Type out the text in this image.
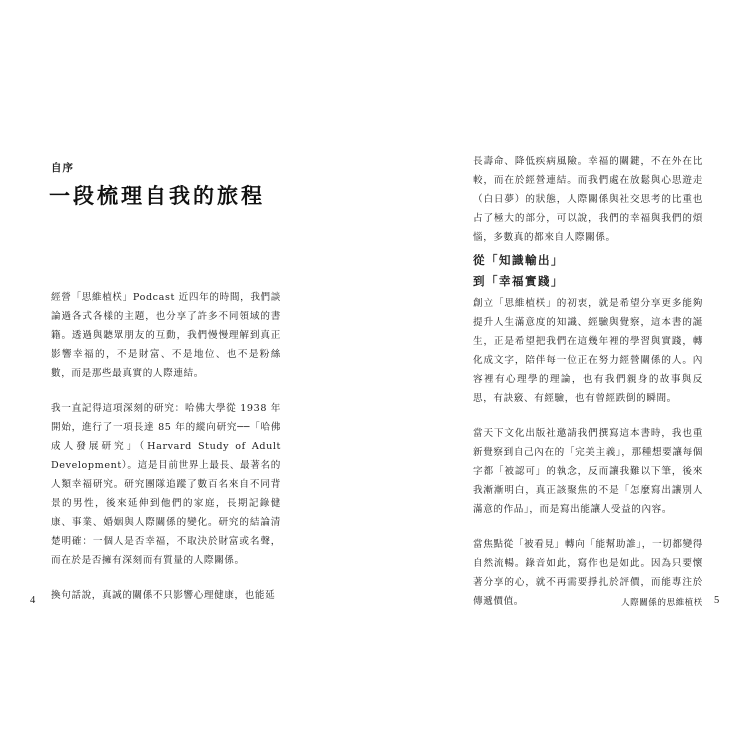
自序
一段梳理自我的旅程

經營「思維植栚」Podcast 近四年的時間，我們談論過各式各樣的主題，也分享了許多不同領域的書籍。透過與聽眾朋友的互動，我們慢慢理解到真正影響幸福的，不是財富、不是地位、也不是粉絲數，而是那些最真實的人際連結。

我一直記得這項深刻的研究：哈佛大學從 1938 年開始，進行了一項長達 85 年的縱向研究──「哈佛成人發展研究」（Harvard Study of Adult Development）。這是目前世界上最長、最著名的人類幸福研究。研究團隊追蹤了數百名來自不同背景的男性，後來延伸到他們的家庭，長期記錄健康、事業、婚姻與人際關係的變化。研究的結論清楚明確：一個人是否幸福，不取決於財富或名聲，而在於是否擁有深刻而有質量的人際關係。

換句話說，真誠的關係不只影響心理健康，也能延

4

長壽命、降低疾病風險。幸福的關鍵，不在外在比較，而在於經營連結。而我們處在放鬆與心思遊走（白日夢）的狀態，人際關係與社交思考的比重也占了極大的部分，可以說，我們的幸福與我們的煩惱，多數真的都來自人際關係。

從「知識輸出」
到「幸福實踐」

創立「思維植栚」的初衷，就是希望分享更多能夠提升人生滿意度的知識、經驗與覺察，這本書的誕生，正是希望把我們在這幾年裡的學習與實踐，轉化成文字，陪伴每一位正在努力經營關係的人。內容裡有心理學的理論，也有我們親身的故事與反思，有訣竅、有經驗，也有曾經跌倒的瞬間。

當天下文化出版社邀請我們撰寫這本書時，我也重新覺察到自己內在的「完美主義」，那種想要讓每個字都「被認可」的執念，反而讓我難以下筆，後來我漸漸明白，真正該聚焦的不是「怎麼寫出讓別人滿意的作品」，而是寫出能讓人受益的內容。

當焦點從「被看見」轉向「能幫助誰」，一切都變得自然流暢。錄音如此，寫作也是如此。因為只要懷著分享的心，就不再需要掙扎於評價，而能專注於傳遞價值。	人際關係的思維植栚 5
